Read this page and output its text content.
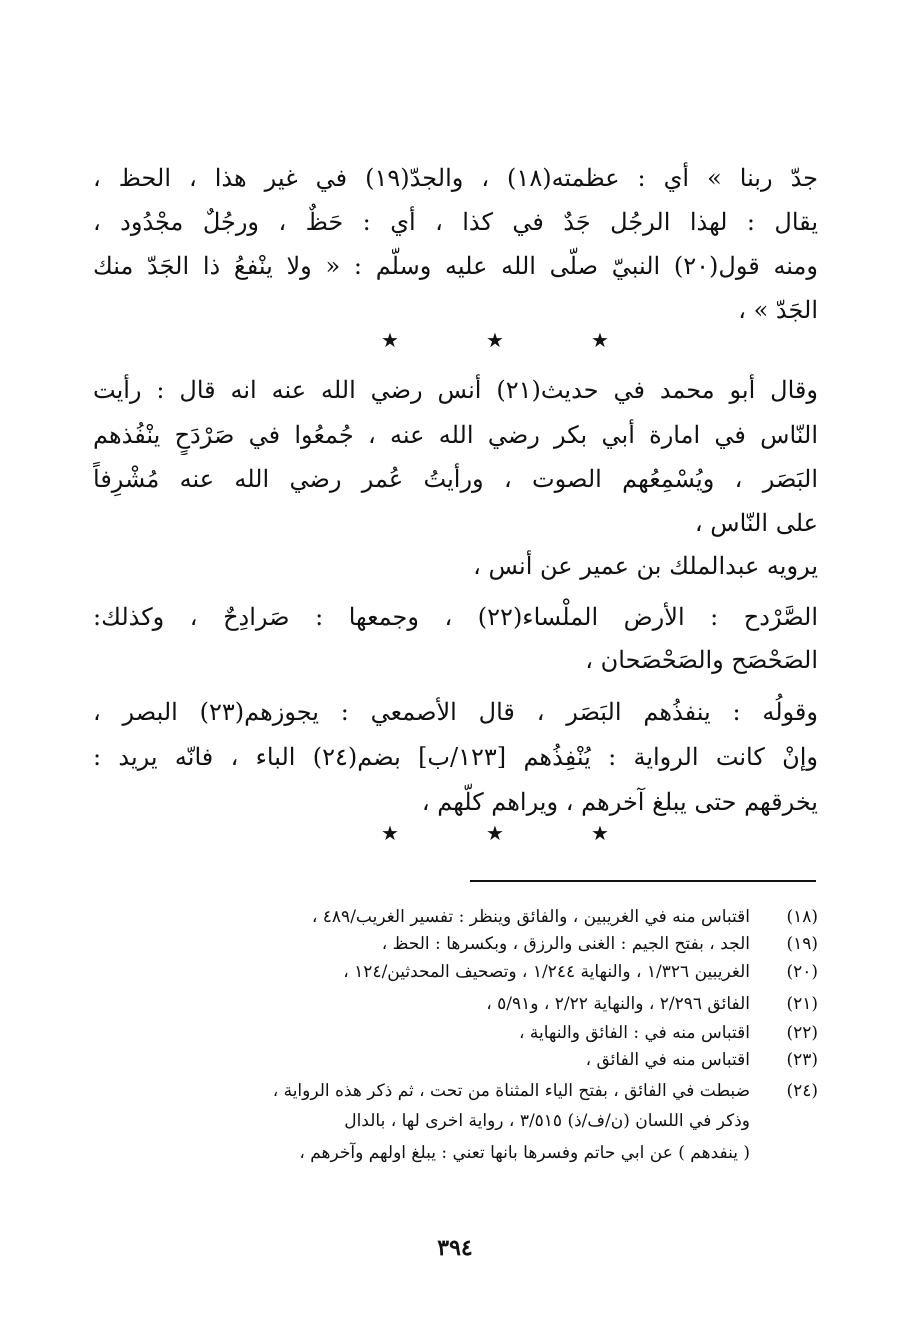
جدّ ربنا » أي : عظمته(١٨) ، والجدّ(١٩) في غير هذا ، الحظ ،
يقال : لهذا الرجُل جَدٌ في كذا ، أي : حَظٌ ، ورجُلٌ مجْدُود ،
ومنه قول(٢٠) النبيّ صلّى الله عليه وسلّم : « ولا ينْفعُ ذا الجَدّ منك
الجَدّ » ،
★	★	★
وقال أبو محمد في حديث(٢١) أنس رضي الله عنه انه قال : رأيت
النّاس في امارة أبي بكر رضي الله عنه ، جُمعُوا في صَرْدَحٍ ينْفُذهم
البَصَر ، ويُسْمِعُهم الصوت ، ورأيتُ عُمر رضي الله عنه مُشْرِفاً
على النّاس ،
يرويه عبدالملك بن عمير عن أنس ،
الصَّرْدح : الأرض الملْساء(٢٢) ، وجمعها : صَرادِحٌ ، وكذلك:
الصَحْصَح والصَحْصَحان ،
وقولُه : ينفذُهم البَصَر ، قال الأصمعي : يجوزهم(٢٣) البصر ،
وإنْ كانت الرواية : يُنْفِذُهم [١٢٣/ب] بضم(٢٤) الباء ، فانّه يريد :
يخرقهم حتى يبلغ آخرهم ، ويراهم كلّهم ،
★	★	★
(١٨)
اقتباس منه في الغريبين ، والفائق وينظر : تفسير الغريب/٤٨٩ ،
(١٩)
الجد ، بفتح الجيم : الغنى والرزق ، وبكسرها : الحظ ،
(٢٠)
الغريبين ١/٣٢٦ ، والنهاية ١/٢٤٤ ، وتصحيف المحدثين/١٢٤ ،
(٢١)
الفائق ٢/٢٩٦ ، والنهاية ٢/٢٢ ، و٥/٩١ ،
(٢٢)
اقتباس منه في : الفائق والنهاية ،
(٢٣)
اقتباس منه في الفائق ،
(٢٤)
ضبطت في الفائق ، بفتح الياء المثناة من تحت ، ثم ذكر هذه الرواية ،
وذكر في اللسان (ن/ف/ذ) ٣/٥١٥ ، رواية اخرى لها ، بالدال
( ينفدهم ) عن ابي حاتم وفسرها بانها تعني : يبلغ اولهم وآخرهم ،
٣٩٤
